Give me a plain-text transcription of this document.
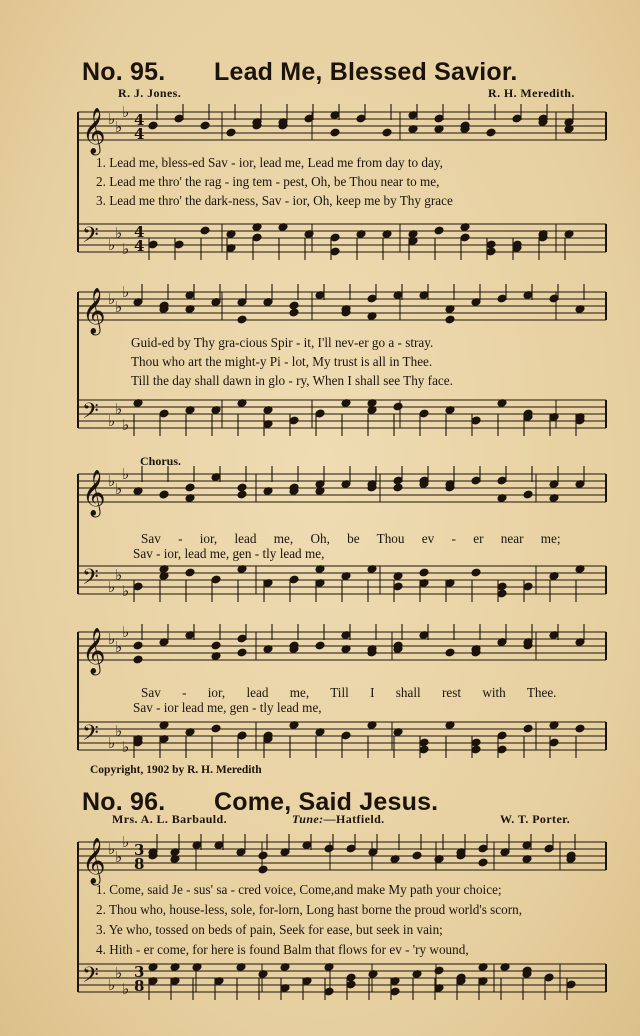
𝄞 ♭ ♭
♭
𝄢 ♭
♭
♭
𝄞 ♭ ♭
♭
𝄢 ♭
♭
♭
𝄞 ♭ ♭
♭
𝄢 ♭
♭
♭
𝄞 ♭ ♭
♭
𝄢 ♭
♭
♭
𝄞 ♭ ♭
♭
𝄢 ♭
♭
♭
4
4
4
4
3
8
3
8
No. 95. Lead Me, Blessed Savior.
R. J. Jones.	R. H. Meredith.
1. Lead me, bless-ed Sav - ior, lead me, Lead me from day to day,
2. Lead me thro' the rag - ing tem - pest, Oh, be Thou near to me,
3. Lead me thro' the dark-ness, Sav - ior, Oh, keep me by Thy grace
Guid-ed by Thy gra-cious Spir - it, I'll nev-er go a - stray.
Thou who art the might-y Pi - lot, My trust is all in Thee.
Till the day shall dawn in glo - ry, When I shall see Thy face.
Chorus.
Sav - ior, lead me, Oh, be Thou ev - er near me;
Sav - ior, lead me, gen - tly lead me,
Sav - ior, lead me, Till I shall rest with Thee.
Sav - ior lead me, gen - tly lead me,
Copyright, 1902 by R. H. Meredith
No. 96. Come, Said Jesus.
Mrs. A. L. Barbauld.	Tune:—Hatfield.	W. T. Porter.
1. Come, said Je - sus' sa - cred voice, Come,and make My path your choice;
2. Thou who, house-less, sole, for-lorn, Long hast borne the proud world's scorn,
3. Ye who, tossed on beds of pain, Seek for ease, but seek in vain;
4. Hith - er come, for here is found Balm that flows for ev - 'ry wound,
